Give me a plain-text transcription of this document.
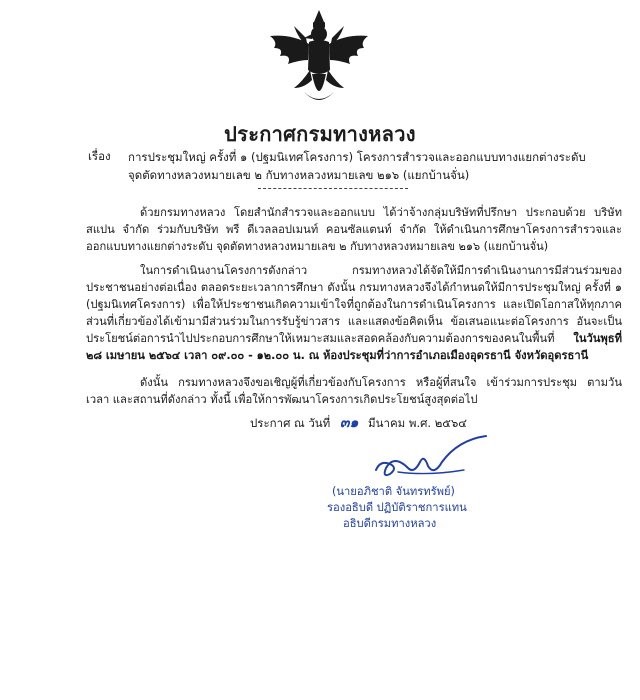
ประกาศกรมทางหลวง
เรื่อง การประชุมใหญ่ ครั้งที่ ๑ (ปฐมนิเทศโครงการ) โครงการสำรวจและออกแบบทางแยกต่างระดับ จุดตัดทางหลวงหมายเลข ๒ กับทางหลวงหมายเลข ๒๑๖ (แยกบ้านจั่น)
ด้วยกรมทางหลวง โดยสำนักสำรวจและออกแบบ ได้ว่าจ้างกลุ่มบริษัทที่ปรึกษา ประกอบด้วย บริษัท สแปน จำกัด ร่วมกับบริษัท พรี ดีเวลลอปเมนท์ คอนซัลแตนท์ จำกัด ให้ดำเนินการศึกษาโครงการสำรวจและออกแบบทางแยกต่างระดับ จุดตัดทางหลวงหมายเลข ๒ กับทางหลวงหมายเลข ๒๑๖ (แยกบ้านจั่น)
ในการดำเนินงานโครงการดังกล่าว กรมทางหลวงได้จัดให้มีการดำเนินงานการมีส่วนร่วมของประชาชนอย่างต่อเนื่อง ตลอดระยะเวลาการศึกษา ดังนั้น กรมทางหลวงจึงได้กำหนดให้มีการประชุมใหญ่ ครั้งที่ ๑ (ปฐมนิเทศโครงการ) เพื่อให้ประชาชนเกิดความเข้าใจที่ถูกต้องในการดำเนินโครงการ และเปิดโอกาสให้ทุกภาคส่วนที่เกี่ยวข้องได้เข้ามามีส่วนร่วมในการรับรู้ข่าวสาร และแสดงข้อคิดเห็น ข้อเสนอแนะต่อโครงการ อันจะเป็นประโยชน์ต่อการนำไปประกอบการศึกษาให้เหมาะสมและสอดคล้องกับความต้องการของคนในพื้นที่ ในวันพุธที่ ๒๘ เมษายน ๒๕๖๔ เวลา ๐๙.๐๐ - ๑๒.๐๐ น. ณ ห้องประชุมที่ว่าการอำเภอเมืองอุดรธานี จังหวัดอุดรธานี
ดังนั้น กรมทางหลวงจึงขอเชิญผู้ที่เกี่ยวข้องกับโครงการ หรือผู้ที่สนใจ เข้าร่วมการประชุม ตามวัน เวลา และสถานที่ดังกล่าว ทั้งนี้ เพื่อให้การพัฒนาโครงการเกิดประโยชน์สูงสุดต่อไป
ประกาศ ณ วันที่ ๓๑ มีนาคม พ.ศ. ๒๕๖๔
(นายอภิชาติ จันทรทรัพย์)
รองอธิบดี ปฏิบัติราชการแทน
อธิบดีกรมทางหลวง
